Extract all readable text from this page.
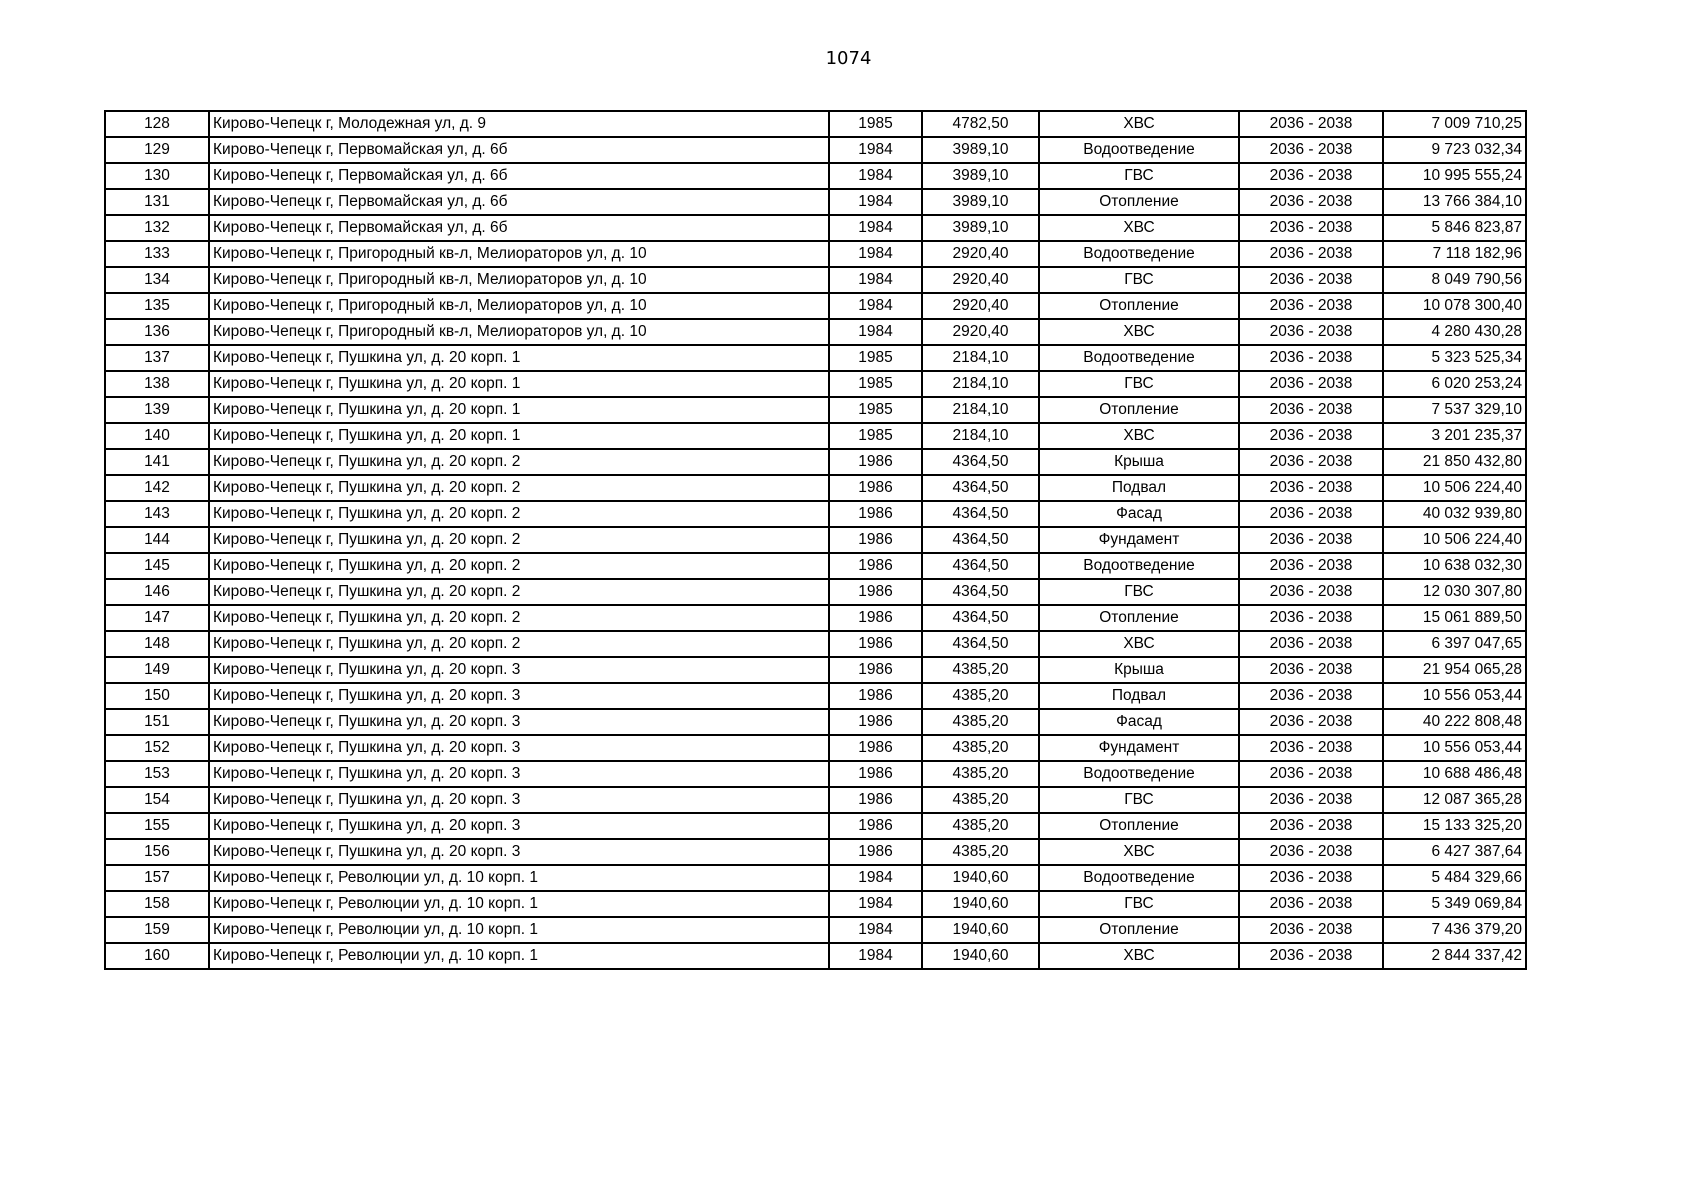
1074
128	Кирово-Чепецк г, Молодежная ул, д. 9	1985	4782,50	ХВС	2036 - 2038	7 009 710,25
129	Кирово-Чепецк г, Первомайская ул, д. 6б	1984	3989,10	Водоотведение	2036 - 2038	9 723 032,34
130	Кирово-Чепецк г, Первомайская ул, д. 6б	1984	3989,10	ГВС	2036 - 2038	10 995 555,24
131	Кирово-Чепецк г, Первомайская ул, д. 6б	1984	3989,10	Отопление	2036 - 2038	13 766 384,10
132	Кирово-Чепецк г, Первомайская ул, д. 6б	1984	3989,10	ХВС	2036 - 2038	5 846 823,87
133	Кирово-Чепецк г, Пригородный кв-л, Мелиораторов ул, д. 10	1984	2920,40	Водоотведение	2036 - 2038	7 118 182,96
134	Кирово-Чепецк г, Пригородный кв-л, Мелиораторов ул, д. 10	1984	2920,40	ГВС	2036 - 2038	8 049 790,56
135	Кирово-Чепецк г, Пригородный кв-л, Мелиораторов ул, д. 10	1984	2920,40	Отопление	2036 - 2038	10 078 300,40
136	Кирово-Чепецк г, Пригородный кв-л, Мелиораторов ул, д. 10	1984	2920,40	ХВС	2036 - 2038	4 280 430,28
137	Кирово-Чепецк г, Пушкина ул, д. 20 корп. 1	1985	2184,10	Водоотведение	2036 - 2038	5 323 525,34
138	Кирово-Чепецк г, Пушкина ул, д. 20 корп. 1	1985	2184,10	ГВС	2036 - 2038	6 020 253,24
139	Кирово-Чепецк г, Пушкина ул, д. 20 корп. 1	1985	2184,10	Отопление	2036 - 2038	7 537 329,10
140	Кирово-Чепецк г, Пушкина ул, д. 20 корп. 1	1985	2184,10	ХВС	2036 - 2038	3 201 235,37
141	Кирово-Чепецк г, Пушкина ул, д. 20 корп. 2	1986	4364,50	Крыша	2036 - 2038	21 850 432,80
142	Кирово-Чепецк г, Пушкина ул, д. 20 корп. 2	1986	4364,50	Подвал	2036 - 2038	10 506 224,40
143	Кирово-Чепецк г, Пушкина ул, д. 20 корп. 2	1986	4364,50	Фасад	2036 - 2038	40 032 939,80
144	Кирово-Чепецк г, Пушкина ул, д. 20 корп. 2	1986	4364,50	Фундамент	2036 - 2038	10 506 224,40
145	Кирово-Чепецк г, Пушкина ул, д. 20 корп. 2	1986	4364,50	Водоотведение	2036 - 2038	10 638 032,30
146	Кирово-Чепецк г, Пушкина ул, д. 20 корп. 2	1986	4364,50	ГВС	2036 - 2038	12 030 307,80
147	Кирово-Чепецк г, Пушкина ул, д. 20 корп. 2	1986	4364,50	Отопление	2036 - 2038	15 061 889,50
148	Кирово-Чепецк г, Пушкина ул, д. 20 корп. 2	1986	4364,50	ХВС	2036 - 2038	6 397 047,65
149	Кирово-Чепецк г, Пушкина ул, д. 20 корп. 3	1986	4385,20	Крыша	2036 - 2038	21 954 065,28
150	Кирово-Чепецк г, Пушкина ул, д. 20 корп. 3	1986	4385,20	Подвал	2036 - 2038	10 556 053,44
151	Кирово-Чепецк г, Пушкина ул, д. 20 корп. 3	1986	4385,20	Фасад	2036 - 2038	40 222 808,48
152	Кирово-Чепецк г, Пушкина ул, д. 20 корп. 3	1986	4385,20	Фундамент	2036 - 2038	10 556 053,44
153	Кирово-Чепецк г, Пушкина ул, д. 20 корп. 3	1986	4385,20	Водоотведение	2036 - 2038	10 688 486,48
154	Кирово-Чепецк г, Пушкина ул, д. 20 корп. 3	1986	4385,20	ГВС	2036 - 2038	12 087 365,28
155	Кирово-Чепецк г, Пушкина ул, д. 20 корп. 3	1986	4385,20	Отопление	2036 - 2038	15 133 325,20
156	Кирово-Чепецк г, Пушкина ул, д. 20 корп. 3	1986	4385,20	ХВС	2036 - 2038	6 427 387,64
157	Кирово-Чепецк г, Революции ул, д. 10 корп. 1	1984	1940,60	Водоотведение	2036 - 2038	5 484 329,66
158	Кирово-Чепецк г, Революции ул, д. 10 корп. 1	1984	1940,60	ГВС	2036 - 2038	5 349 069,84
159	Кирово-Чепецк г, Революции ул, д. 10 корп. 1	1984	1940,60	Отопление	2036 - 2038	7 436 379,20
160	Кирово-Чепецк г, Революции ул, д. 10 корп. 1	1984	1940,60	ХВС	2036 - 2038	2 844 337,42
